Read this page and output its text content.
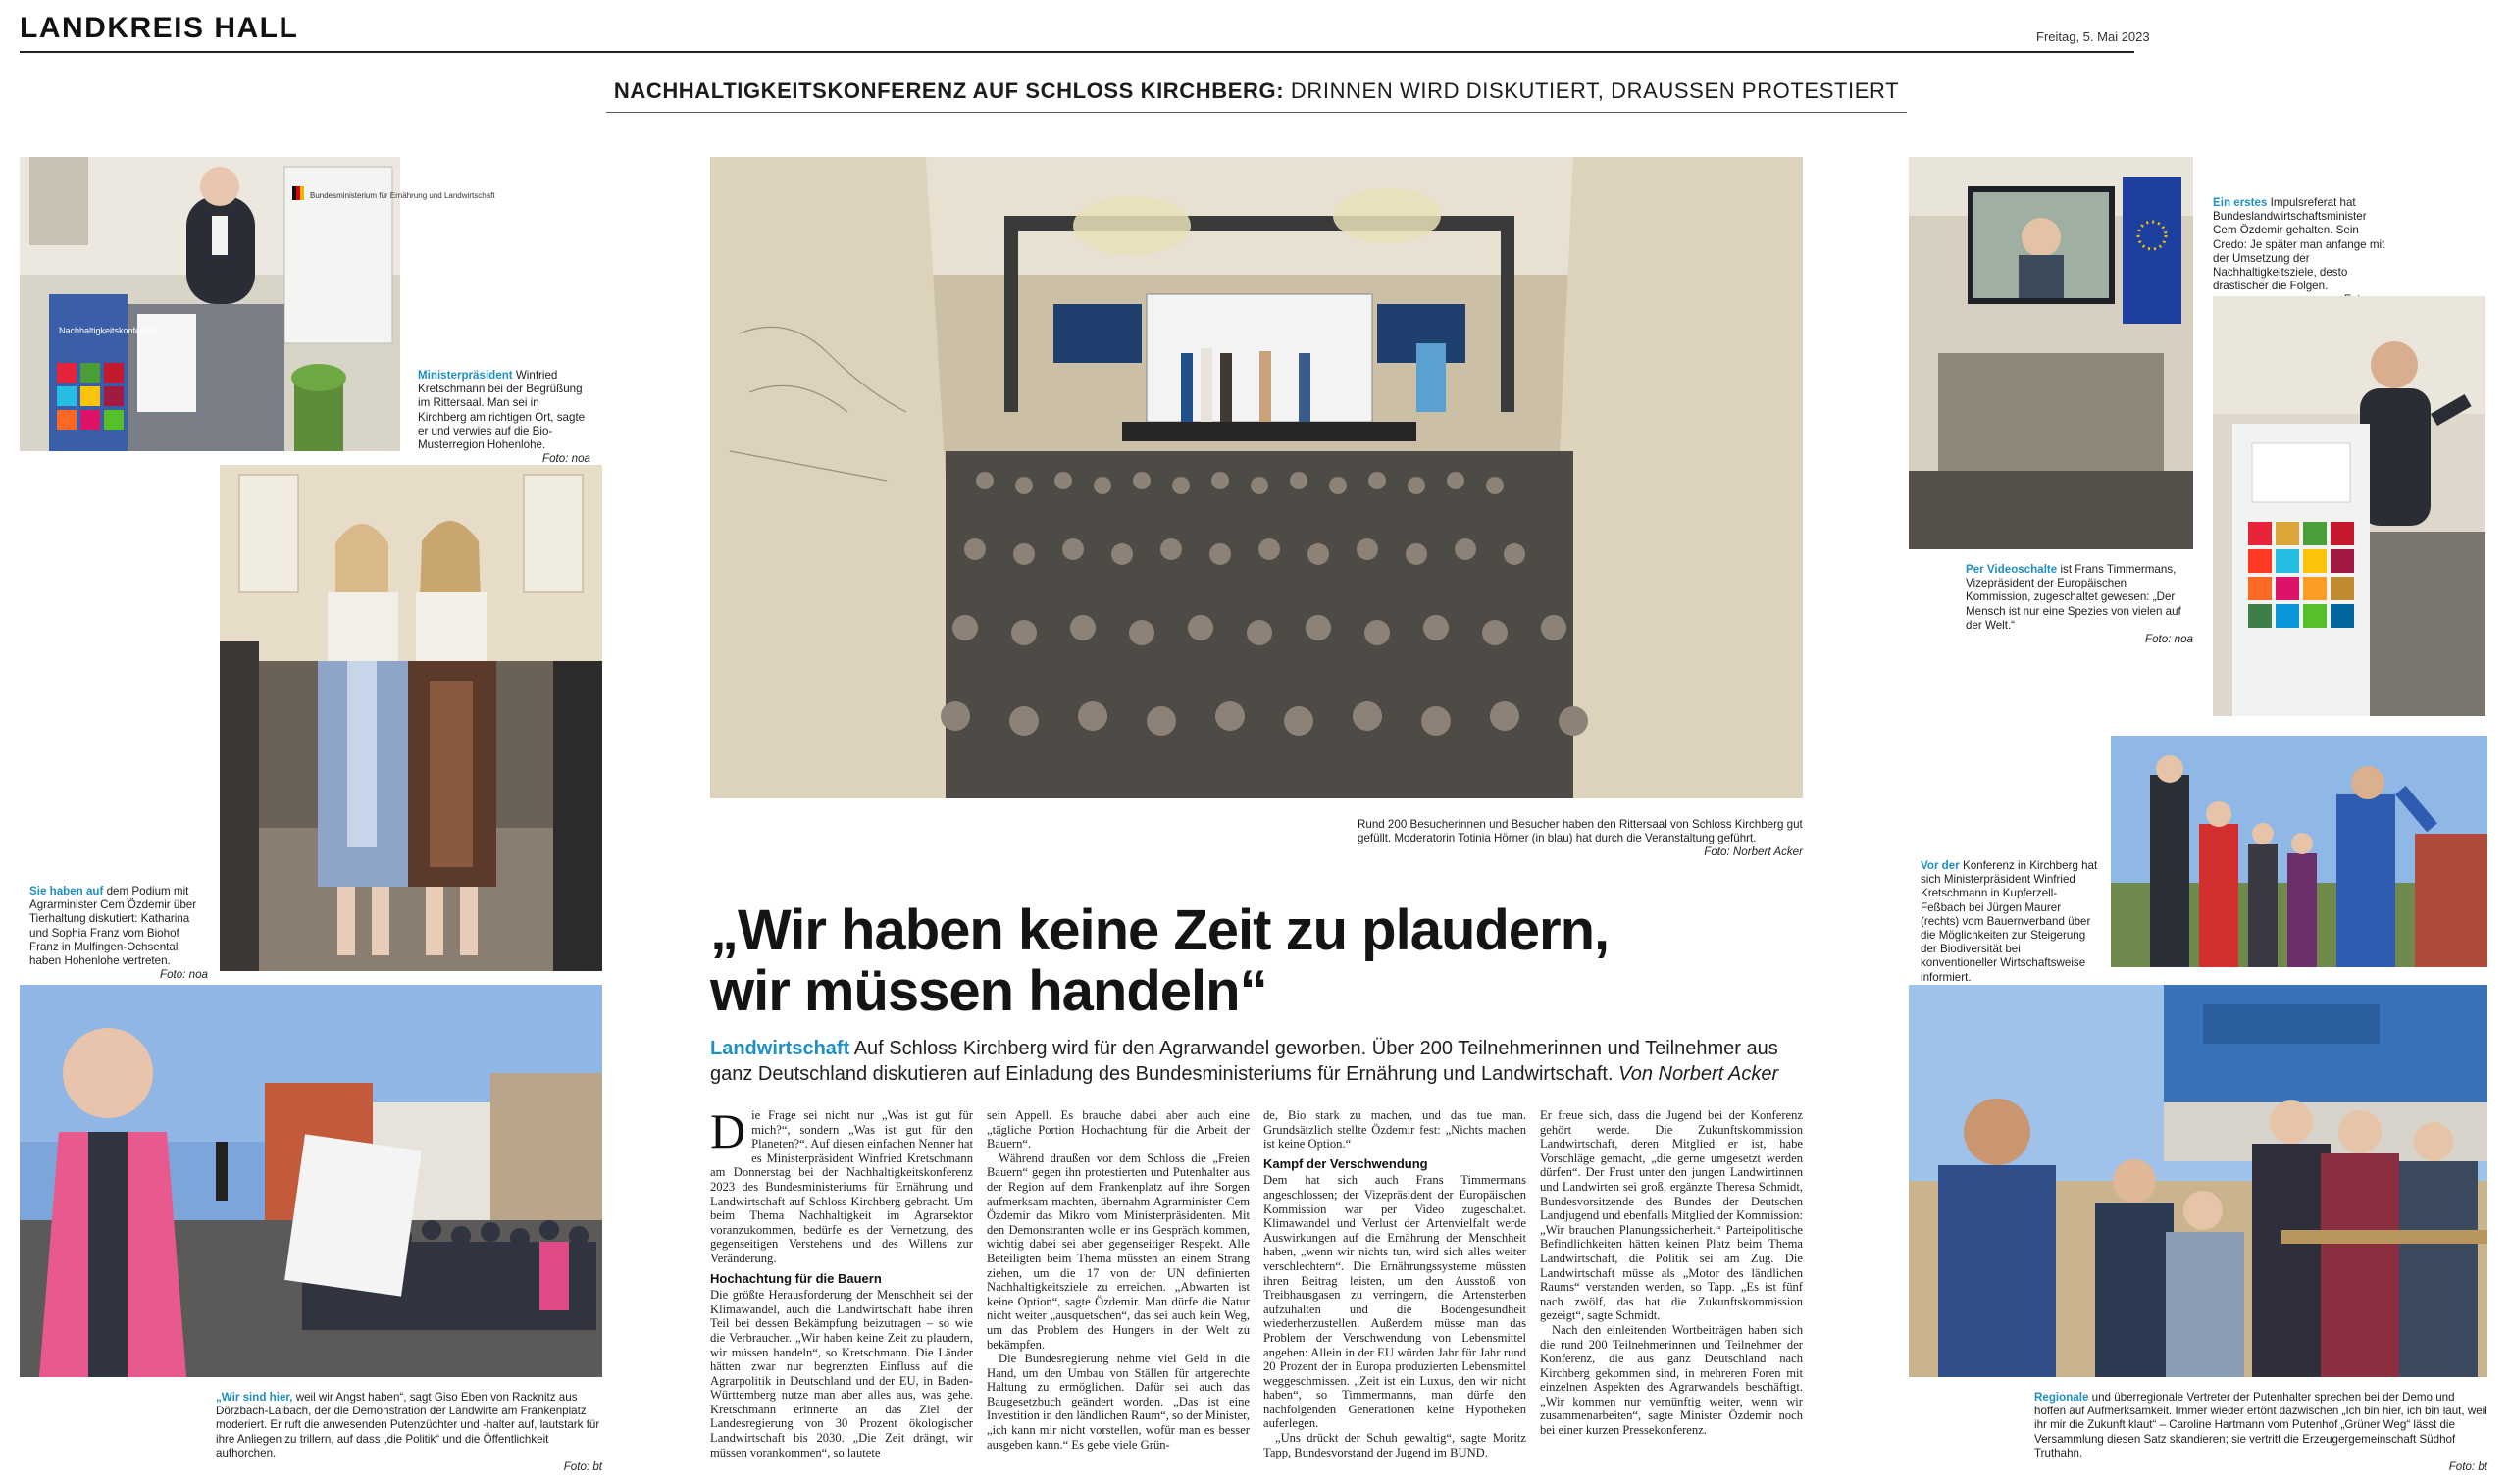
LANDKREIS HALL	Freitag, 5. Mai 2023
NACHHALTIGKEITSKONFERENZ AUF SCHLOSS KIRCHBERG: DRINNEN WIRD DISKUTIERT, DRAUSSEN PROTESTIERT
Bundesministerium für Ernährung und Landwirtschaft
Nachhaltigkeitskonferenz
Ministerpräsident Winfried Kretschmann bei der Begrüßung im Rittersaal. Man sei in Kirchberg am richtigen Ort, sagte er und verwies auf die Bio-Musterregion Hohenlohe.
Foto: noa
Sie haben auf dem Podium mit Agrarminister Cem Özdemir über Tierhaltung diskutiert: Katharina und Sophia Franz vom Biohof Franz in Mulfingen-Ochsental haben Hohenlohe vertreten.
Foto: noa
„Wir sind hier, weil wir Angst haben“, sagt Giso Eben von Racknitz aus Dörzbach-Laibach, der die Demonstration der Landwirte am Frankenplatz moderiert. Er ruft die anwesenden Putenzüchter und -halter auf, lautstark für ihre Anliegen zu trillern, auf dass „die Politik“ und die Öffentlichkeit aufhorchen.
Foto: bt
Rund 200 Besucherinnen und Besucher haben den Rittersaal von Schloss Kirchberg gut gefüllt. Moderatorin Totinia Hörner (in blau) hat durch die Veranstaltung geführt.
Foto: Norbert Acker
„Wir haben keine Zeit zu plaudern,
wir müssen handeln“
Landwirtschaft Auf Schloss Kirchberg wird für den Agrarwandel geworben. Über 200 Teilnehmerinnen und Teilnehmer aus ganz Deutschland diskutieren auf Einladung des Bundesministeriums für Ernährung und Landwirtschaft. Von Norbert Acker

Die Frage sei nicht nur „Was ist gut für mich?“, sondern „Was ist gut für den Planeten?“. Auf diesen einfachen Nenner hat es Ministerpräsident Winfried Kretschmann am Donnerstag bei der Nachhaltigkeitskonferenz 2023 des Bundesministeriums für Ernährung und Landwirtschaft auf Schloss Kirchberg gebracht. Um beim Thema Nachhaltigkeit im Agrarsektor voranzukommen, bedürfe es der Vernetzung, des gegenseitigen Verstehens und des Willens zur Veränderung.

Hochachtung für die Bauern

Die größte Herausforderung der Menschheit sei der Klimawandel, auch die Landwirtschaft habe ihren Teil bei dessen Bekämpfung beizutragen – so wie die Verbraucher. „Wir haben keine Zeit zu plaudern, wir müssen handeln“, so Kretschmann. Die Länder hätten zwar nur begrenzten Einfluss auf die Agrarpolitik in Deutschland und der EU, in Baden-Württemberg nutze man aber alles aus, was gehe. Kretschmann erinnerte an das Ziel der Landesregierung von 30 Prozent ökologischer Landwirtschaft bis 2030. „Die Zeit drängt, wir müssen vorankommen“, so lautete

sein Appell. Es brauche dabei aber auch eine „tägliche Portion Hochachtung für die Arbeit der Bauern“.

Während draußen vor dem Schloss die „Freien Bauern“ gegen ihn protestierten und Putenhalter aus der Region auf dem Frankenplatz auf ihre Sorgen aufmerksam machten, übernahm Agrarminister Cem Özdemir das Mikro vom Ministerpräsidenten. Mit den Demonstranten wolle er ins Gespräch kommen, wichtig dabei sei aber gegenseitiger Respekt. Alle Beteiligten beim Thema müssten an einem Strang ziehen, um die 17 von der UN definierten Nachhaltigkeitsziele zu erreichen. „Abwarten ist keine Option“, sagte Özdemir. Man dürfe die Natur nicht weiter „ausquetschen“, das sei auch kein Weg, um das Problem des Hungers in der Welt zu bekämpfen.

Die Bundesregierung nehme viel Geld in die Hand, um den Umbau von Ställen für artgerechte Haltung zu ermöglichen. Dafür sei auch das Baugesetzbuch geändert worden. „Das ist eine Investition in den ländlichen Raum“, so der Minister, „ich kann mir nicht vorstellen, wofür man es besser ausgeben kann.“ Es gebe viele Grün-

de, Bio stark zu machen, und das tue man. Grundsätzlich stellte Özdemir fest: „Nichts machen ist keine Option.“

Kampf der Verschwendung

Dem hat sich auch Frans Timmermans angeschlossen; der Vizepräsident der Europäischen Kommission war per Video zugeschaltet. Klimawandel und Verlust der Artenvielfalt werde Auswirkungen auf die Ernährung der Menschheit haben, „wenn wir nichts tun, wird sich alles weiter verschlechtern“. Die Ernährungssysteme müssten ihren Beitrag leisten, um den Ausstoß von Treibhausgasen zu verringern, die Artensterben aufzuhalten und die Bodengesundheit wiederherzustellen. Außerdem müsse man das Problem der Verschwendung von Lebensmittel angehen: Allein in der EU würden Jahr für Jahr rund 20 Prozent der in Europa produzierten Lebensmittel weggeschmissen. „Zeit ist ein Luxus, den wir nicht haben“, so Timmermanns, man dürfe den nachfolgenden Generationen keine Hypotheken auferlegen.

„Uns drückt der Schuh gewaltig“, sagte Moritz Tapp, Bundesvorstand der Jugend im BUND.

Er freue sich, dass die Jugend bei der Konferenz gehört werde. Die Zukunftskommission Landwirtschaft, deren Mitglied er ist, habe Vorschläge gemacht, „die gerne umgesetzt werden dürfen“. Der Frust unter den jungen Landwirtinnen und Landwirten sei groß, ergänzte Theresa Schmidt, Bundesvorsitzende des Bundes der Deutschen Landjugend und ebenfalls Mitglied der Kommission: „Wir brauchen Planungssicherheit.“ Parteipolitische Befindlichkeiten hätten keinen Platz beim Thema Landwirtschaft, die Politik sei am Zug. Die Landwirtschaft müsse als „Motor des ländlichen Raums“ verstanden werden, so Tapp. „Es ist fünf nach zwölf, das hat die Zukunftskommission gezeigt“, sagte Schmidt.

Nach den einleitenden Wortbeiträgen haben sich die rund 200 Teilnehmerinnen und Teilnehmer der Konferenz, die aus ganz Deutschland nach Kirchberg gekommen sind, in mehreren Foren mit einzelnen Aspekten des Agrarwandels beschäftigt. „Wir kommen nur vernünftig weiter, wenn wir zusammenarbeiten“, sagte Minister Özdemir noch bei einer kurzen Pressekonferenz.

Ein erstes Impulsreferat hat Bundeslandwirtschaftsminister Cem Özdemir gehalten. Sein Credo: Je später man anfange mit der Umsetzung der Nachhaltigkeitsziele, desto drastischer die Folgen.
Per Videoschalte ist Frans Timmermans, Vizepräsident der Europäischen Kommission, zugeschaltet gewesen: „Der Mensch ist nur eine Spezies von vielen auf der Welt.“
Foto: noa
Vor der Konferenz in Kirchberg hat sich Ministerpräsident Winfried Kretschmann in Kupferzell-Feßbach bei Jürgen Maurer (rechts) vom Bauernverband über die Möglichkeiten zur Steigerung der Biodiversität bei konventioneller Wirtschaftsweise informiert.
Regionale und überregionale Vertreter der Putenhalter sprechen bei der Demo und hoffen auf Aufmerksamkeit. Immer wieder ertönt dazwischen „Ich bin hier, ich bin laut, weil ihr mir die Zukunft klaut“ – Caroline Hartmann vom Putenhof „Grüner Weg“ lässt die Versammlung diesen Satz skandieren; sie vertritt die Erzeugergemeinschaft Südhof Truthahn.
Foto: bt
